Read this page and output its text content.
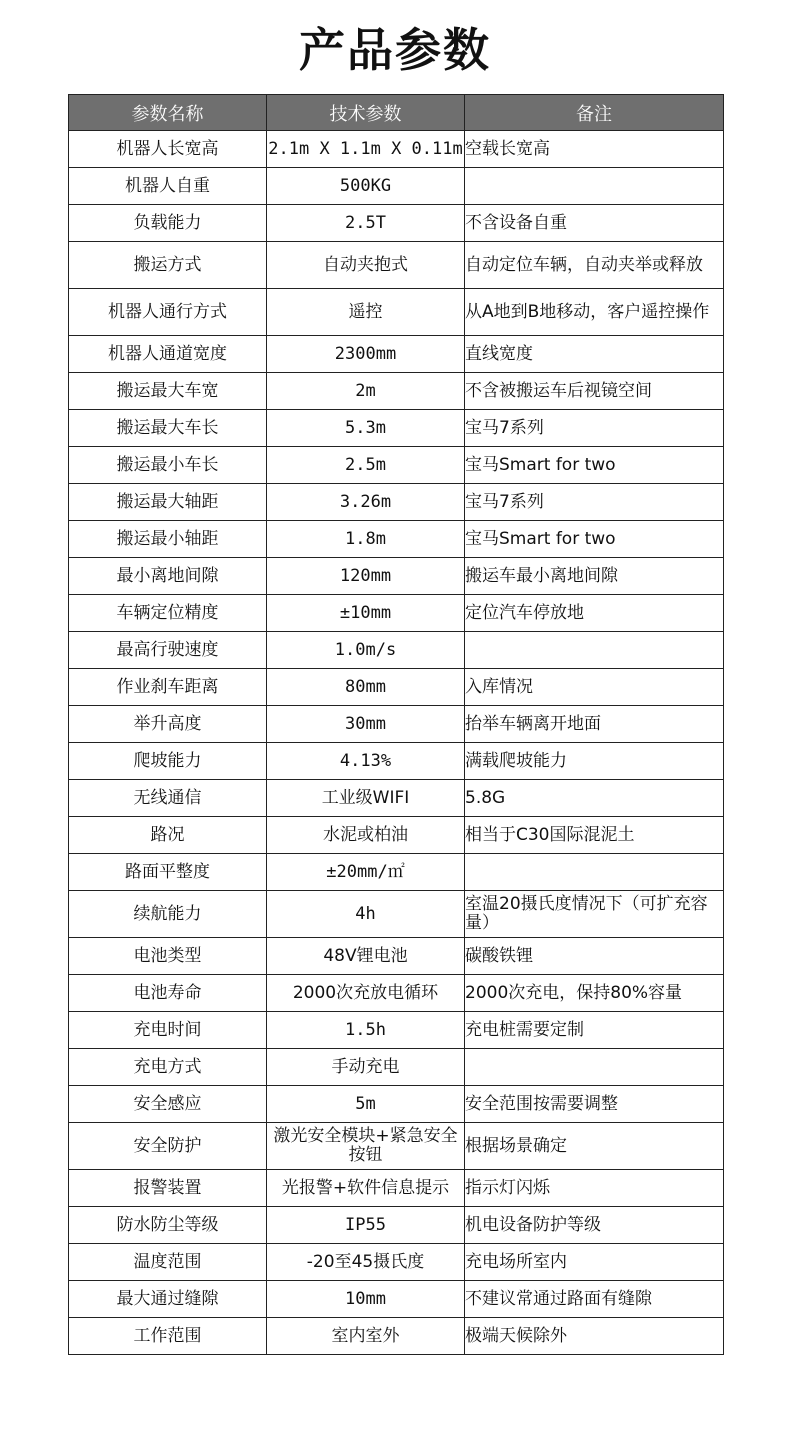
产品参数
参数名称	技术参数	备注
机器人长宽高	2.1m X 1.1m X 0.11m	空载长宽高
机器人自重	500KG	
负载能力	2.5T	不含设备自重
搬运方式	自动夹抱式	自动定位车辆，自动夹举或释放
机器人通行方式	遥控	从A地到B地移动，客户遥控操作
机器人通道宽度	2300mm	直线宽度
搬运最大车宽	2m	不含被搬运车后视镜空间
搬运最大车长	5.3m	宝马7系列
搬运最小车长	2.5m	宝马Smart for two
搬运最大轴距	3.26m	宝马7系列
搬运最小轴距	1.8m	宝马Smart for two
最小离地间隙	120mm	搬运车最小离地间隙
车辆定位精度	±10mm	定位汽车停放地
最高行驶速度	1.0m/s	
作业刹车距离	80mm	入库情况
举升高度	30mm	抬举车辆离开地面
爬坡能力	4.13%	满载爬坡能力
无线通信	工业级WIFI	5.8G
路况	水泥或柏油	相当于C30国际混泥土
路面平整度	±20mm/㎡	
续航能力	4h	室温20摄氏度情况下（可扩充容量）
电池类型	48V锂电池	碳酸铁锂
电池寿命	2000次充放电循环	2000次充电，保持80%容量
充电时间	1.5h	充电桩需要定制
充电方式	手动充电	
安全感应	5m	安全范围按需要调整
安全防护	激光安全模块+紧急安全按钮	根据场景确定
报警装置	光报警+软件信息提示	指示灯闪烁
防水防尘等级	IP55	机电设备防护等级
温度范围	-20至45摄氏度	充电场所室内
最大通过缝隙	10mm	不建议常通过路面有缝隙
工作范围	室内室外	极端天候除外
